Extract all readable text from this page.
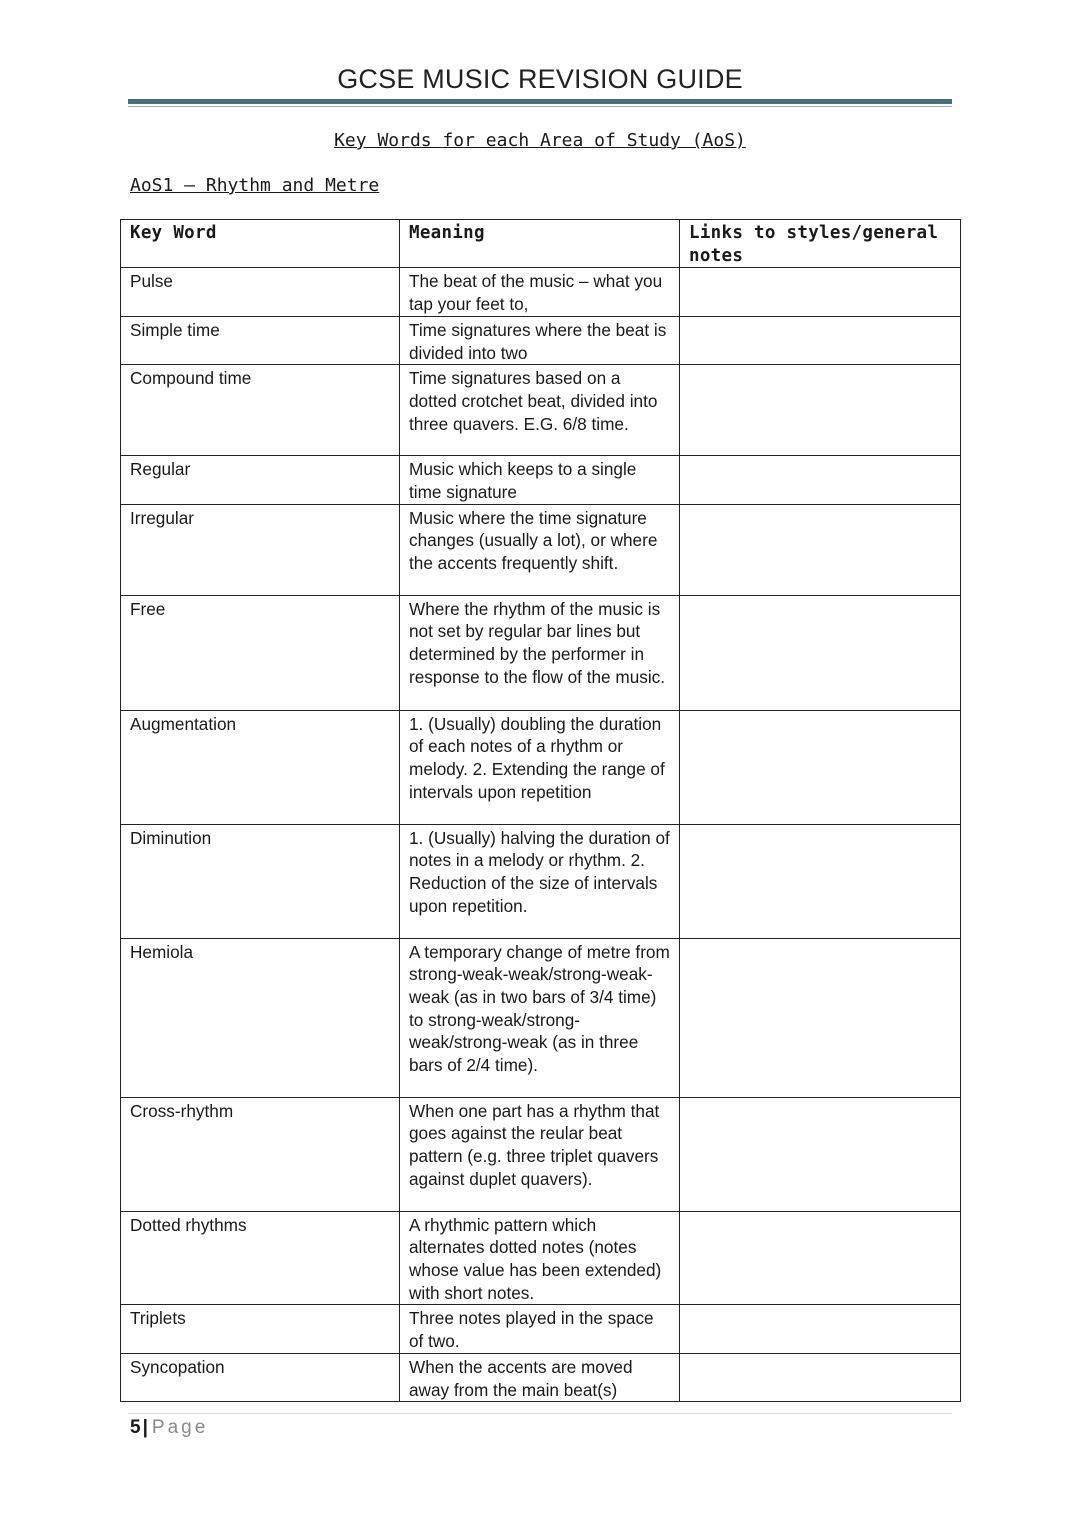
GCSE MUSIC REVISION GUIDE
Key Words for each Area of Study (AoS)
AoS1 – Rhythm and Metre
Key Word	Meaning	Links to styles/general notes
Pulse	The beat of the music – what you tap your feet to,	
Simple time	Time signatures where the beat is divided into two	
Compound time	Time signatures based on a dotted crotchet beat, divided into three quavers. E.G. 6/8 time.	
Regular	Music which keeps to a single time signature	
Irregular	Music where the time signature changes (usually a lot), or where the accents frequently shift.	
Free	Where the rhythm of the music is not set by regular bar lines but determined by the performer in response to the flow of the music.	
Augmentation	1. (Usually) doubling the duration of each notes of a rhythm or melody. 2. Extending the range of intervals upon repetition	
Diminution	1. (Usually) halving the duration of notes in a melody or rhythm. 2. Reduction of the size of intervals upon repetition.	
Hemiola	A temporary change of metre from strong-weak-weak/strong-weak-weak (as in two bars of 3/4 time) to strong-weak/strong-weak/strong-weak (as in three bars of 2/4 time).	
Cross-rhythm	When one part has a rhythm that goes against the reular beat pattern (e.g. three triplet quavers against duplet quavers).	
Dotted rhythms	A rhythmic pattern which alternates dotted notes (notes whose value has been extended) with short notes.	
Triplets	Three notes played in the space of two.	
Syncopation	When the accents are moved away from the main beat(s)	
5 | Page
